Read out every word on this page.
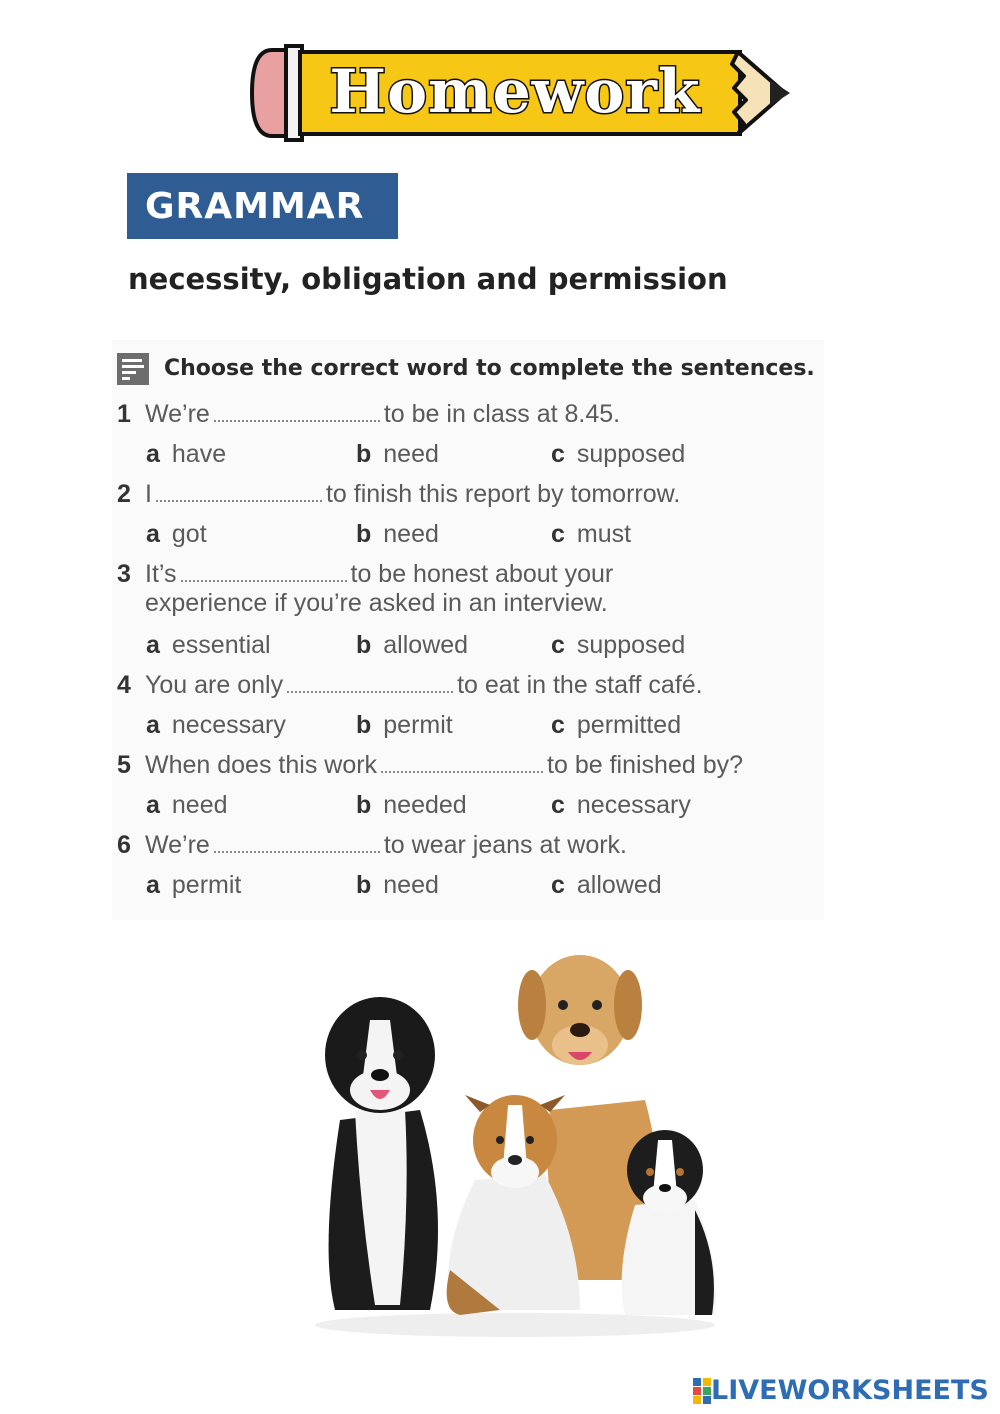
Homework
GRAMMAR
necessity, obligation and permission
Choose the correct word to complete the sentences.
1 We’re	to be in class at 8.45.
a have	b need	c supposed
2 I	to finish this report by tomorrow.
a got	b need	c must
3 It’s	to be honest about your
experience if you’re asked in an interview.
a essential	b allowed	c supposed
4 You are only	to eat in the staff café.
a necessary	b permit	c permitted
5 When does this work	to be finished by?
a need	b needed	c necessary
6 We’re	to wear jeans at work.
a permit	b need	c allowed
LIVEWORKSHEETS
